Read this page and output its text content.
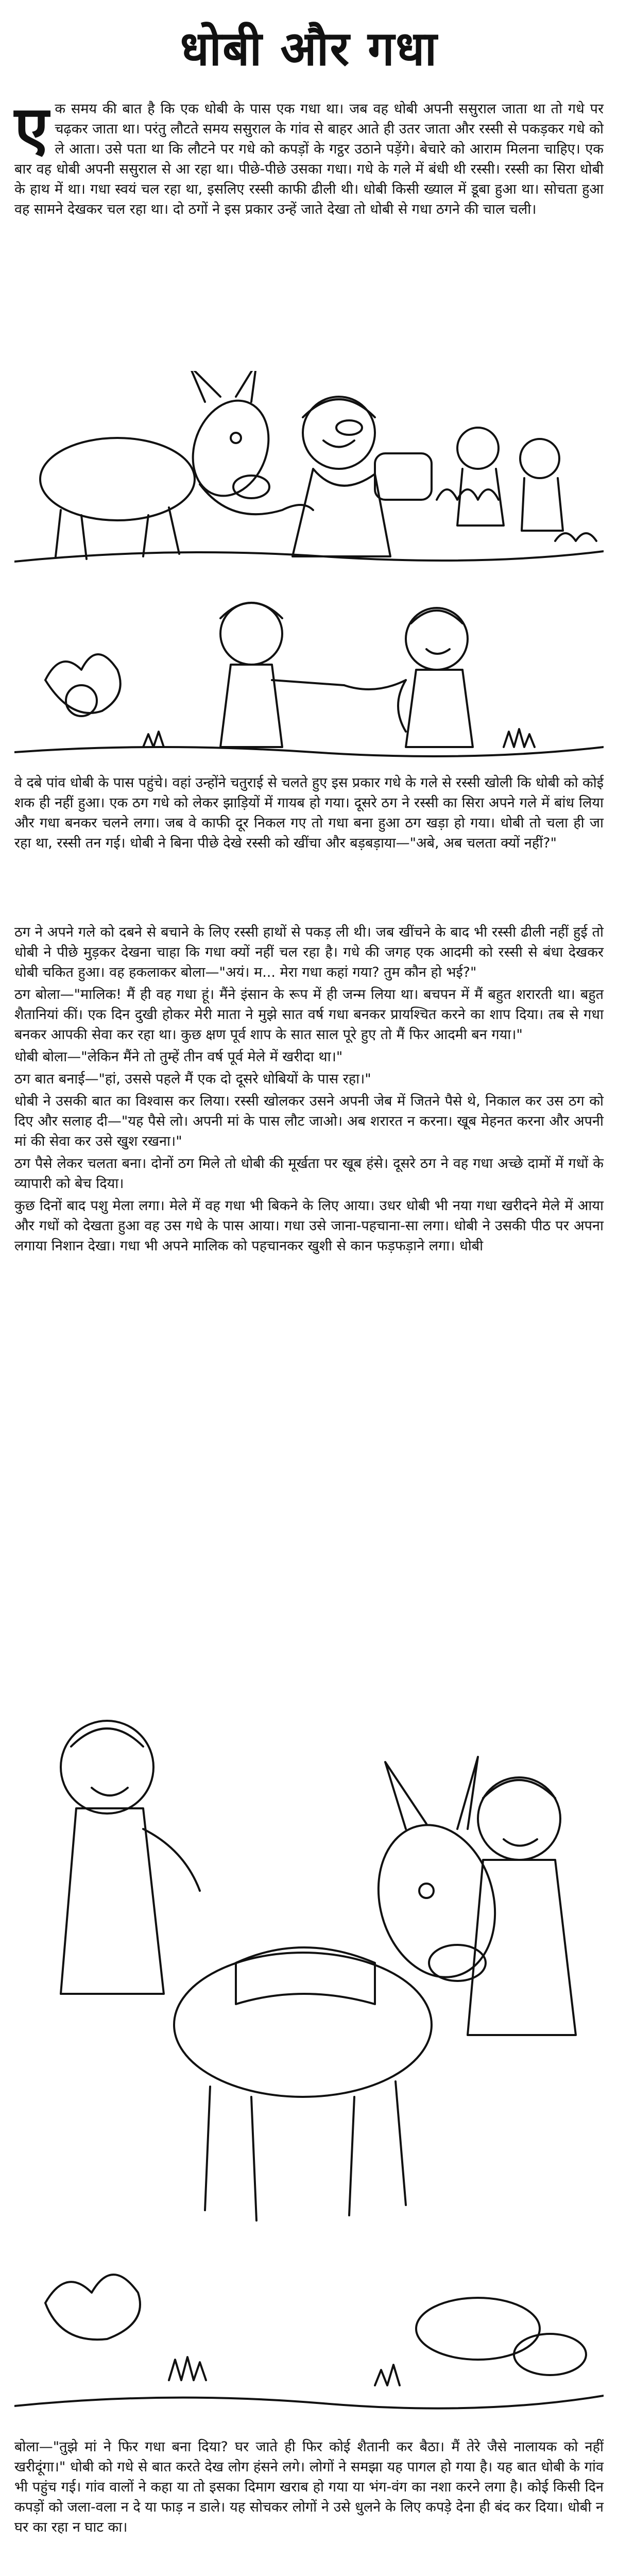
धोबी और गधा
ए क समय की बात है कि एक धोबी के पास एक गधा था। जब वह धोबी अपनी ससुराल जाता था तो गधे पर चढ़कर जाता था। परंतु लौटते समय ससुराल के गांव से बाहर आते ही उतर जाता और रस्सी से पकड़कर गधे को ले आता। उसे पता था कि लौटने पर गधे को कपड़ों के गट्ठर उठाने पड़ेंगे। बेचारे को आराम मिलना चाहिए। एक बार वह धोबी अपनी ससुराल से आ रहा था। पीछे-पीछे उसका गधा। गधे के गले में बंधी थी रस्सी। रस्सी का सिरा धोबी के हाथ में था। गधा स्वयं चल रहा था, इसलिए रस्सी काफी ढीली थी। धोबी किसी ख्याल में डूबा हुआ था। सोचता हुआ वह सामने देखकर चल रहा था। दो ठगों ने इस प्रकार उन्हें जाते देखा तो धोबी से गधा ठगने की चाल चली।
वे दबे पांव धोबी के पास पहुंचे। वहां उन्होंने चतुराई से चलते हुए इस प्रकार गधे के गले से रस्सी खोली कि धोबी को कोई शक ही नहीं हुआ। एक ठग गधे को लेकर झाड़ियों में गायब हो गया। दूसरे ठग ने रस्सी का सिरा अपने गले में बांध लिया और गधा बनकर चलने लगा। जब वे काफी दूर निकल गए तो गधा बना हुआ ठग खड़ा हो गया। धोबी तो चला ही जा रहा था, रस्सी तन गई। धोबी ने बिना पीछे देखे रस्सी को खींचा और बड़बड़ाया—"अबे, अब चलता क्यों नहीं?"
ठग ने अपने गले को दबने से बचाने के लिए रस्सी हाथों से पकड़ ली थी। जब खींचने के बाद भी रस्सी ढीली नहीं हुई तो धोबी ने पीछे मुड़कर देखना चाहा कि गधा क्यों नहीं चल रहा है। गधे की जगह एक आदमी को रस्सी से बंधा देखकर धोबी चकित हुआ। वह हकलाकर बोला—"अयं। म... मेरा गधा कहां गया? तुम कौन हो भई?"
ठग बोला—"मालिक! मैं ही वह गधा हूं। मैंने इंसान के रूप में ही जन्म लिया था। बचपन में मैं बहुत शरारती था। बहुत शैतानियां कीं। एक दिन दुखी होकर मेरी माता ने मुझे सात वर्ष गधा बनकर प्रायश्चित करने का शाप दिया। तब से गधा बनकर आपकी सेवा कर रहा था। कुछ क्षण पूर्व शाप के सात साल पूरे हुए तो मैं फिर आदमी बन गया।"
धोबी बोला—"लेकिन मैंने तो तुम्हें तीन वर्ष पूर्व मेले में खरीदा था।"
ठग बात बनाई—"हां, उससे पहले मैं एक दो दूसरे धोबियों के पास रहा।"
धोबी ने उसकी बात का विश्वास कर लिया। रस्सी खोलकर उसने अपनी जेब में जितने पैसे थे, निकाल कर उस ठग को दिए और सलाह दी—"यह पैसे लो। अपनी मां के पास लौट जाओ। अब शरारत न करना। खूब मेहनत करना और अपनी मां की सेवा कर उसे खुश रखना।"
ठग पैसे लेकर चलता बना। दोनों ठग मिले तो धोबी की मूर्खता पर खूब हंसे। दूसरे ठग ने वह गधा अच्छे दामों में गधों के व्यापारी को बेच दिया।
कुछ दिनों बाद पशु मेला लगा। मेले में वह गधा भी बिकने के लिए आया। उधर धोबी भी नया गधा खरीदने मेले में आया और गधों को देखता हुआ वह उस गधे के पास आया। गधा उसे जाना-पहचाना-सा लगा। धोबी ने उसकी पीठ पर अपना लगाया निशान देखा। गधा भी अपने मालिक को पहचानकर खुशी से कान फड़फड़ाने लगा। धोबी
बोला—"तुझे मां ने फिर गधा बना दिया? घर जाते ही फिर कोई शैतानी कर बैठा। मैं तेरे जैसे नालायक को नहीं खरीदूंगा।" धोबी को गधे से बात करते देख लोग हंसने लगे। लोगों ने समझा यह पागल हो गया है। यह बात धोबी के गांव भी पहुंच गई। गांव वालों ने कहा या तो इसका दिमाग खराब हो गया या भंग-वंग का नशा करने लगा है। कोई किसी दिन कपड़ों को जला-वला न दे या फाड़ न डाले। यह सोचकर लोगों ने उसे धुलने के लिए कपड़े देना ही बंद कर दिया। धोबी न घर का रहा न घाट का।
